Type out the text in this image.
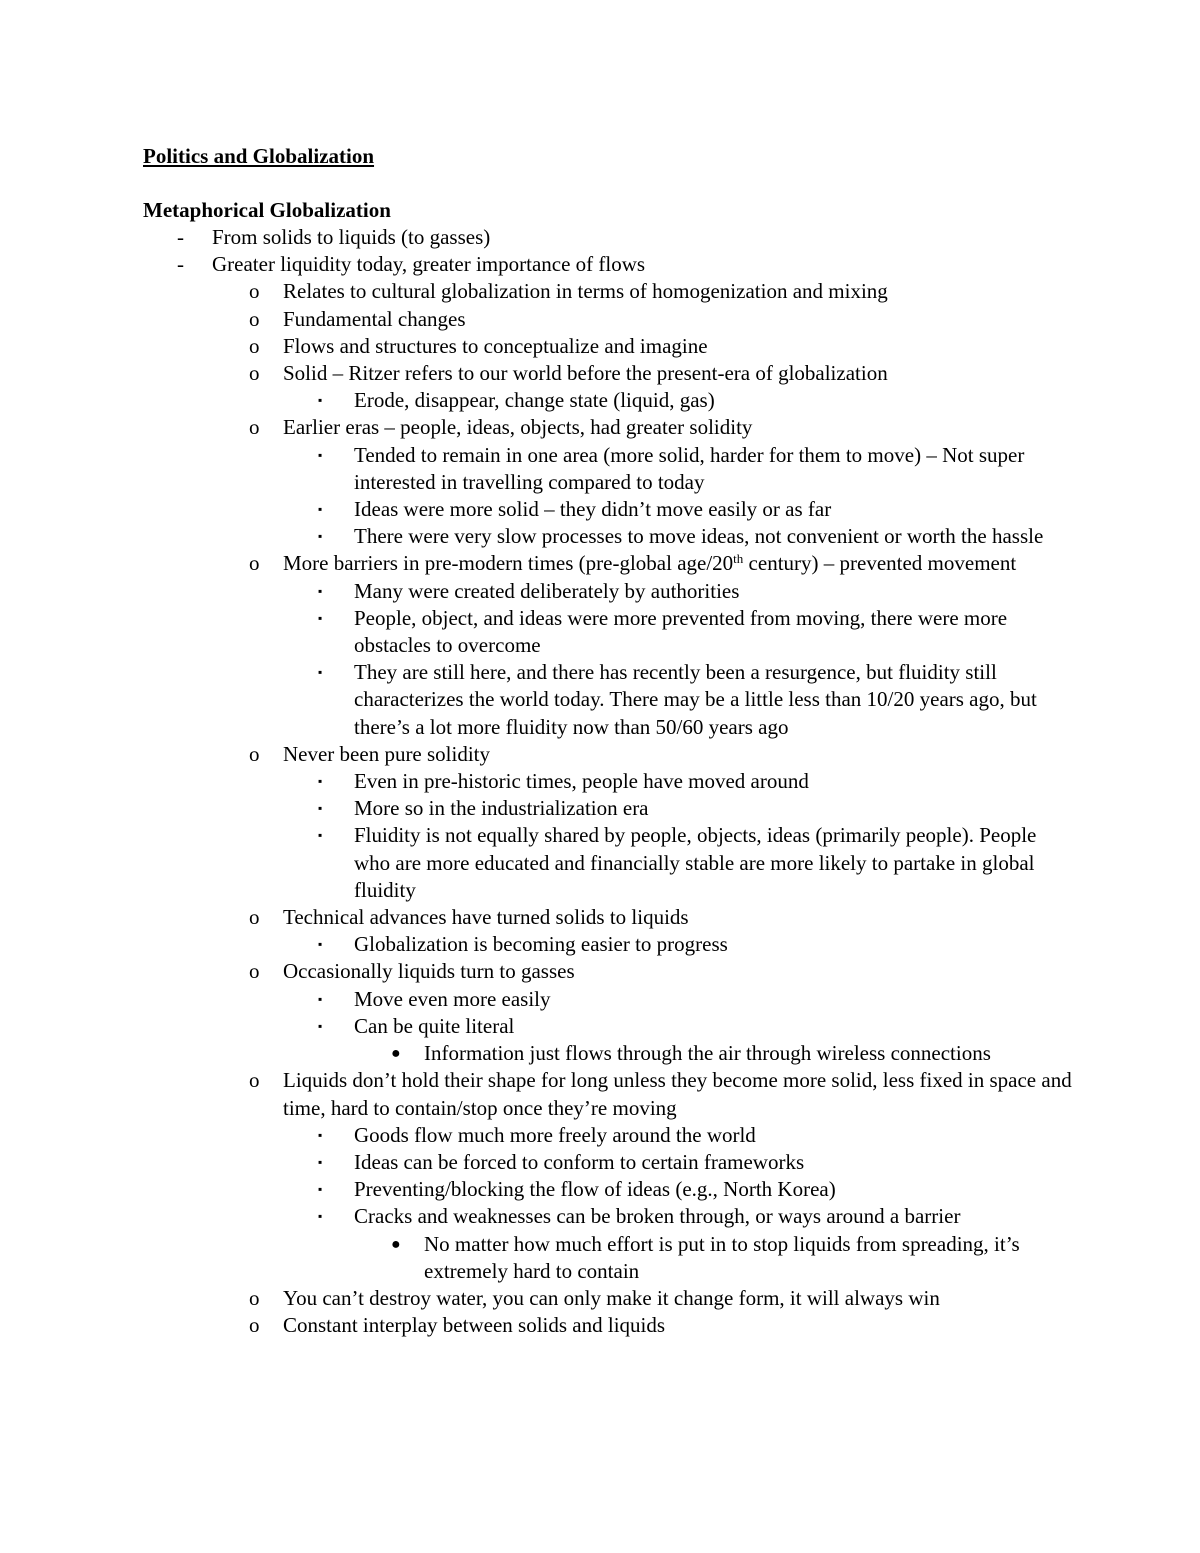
Politics and Globalization
Metaphorical Globalization
- From solids to liquids (to gasses)
- Greater liquidity today, greater importance of flows
o Relates to cultural globalization in terms of homogenization and mixing
o Fundamental changes
o Flows and structures to conceptualize and imagine
o Solid – Ritzer refers to our world before the present-era of globalization
▪ Erode, disappear, change state (liquid, gas)
o Earlier eras – people, ideas, objects, had greater solidity
▪ Tended to remain in one area (more solid, harder for them to move) – Not super interested in travelling compared to today
▪ Ideas were more solid – they didn’t move easily or as far
▪ There were very slow processes to move ideas, not convenient or worth the hassle
o More barriers in pre-modern times (pre-global age/20th century) – prevented movement
▪ Many were created deliberately by authorities
▪ People, object, and ideas were more prevented from moving, there were more obstacles to overcome
▪ They are still here, and there has recently been a resurgence, but fluidity still characterizes the world today. There may be a little less than 10/20 years ago, but there’s a lot more fluidity now than 50/60 years ago
o Never been pure solidity
▪ Even in pre-historic times, people have moved around
▪ More so in the industrialization era
▪ Fluidity is not equally shared by people, objects, ideas (primarily people). People who are more educated and financially stable are more likely to partake in global fluidity
o Technical advances have turned solids to liquids
▪ Globalization is becoming easier to progress
o Occasionally liquids turn to gasses
▪ Move even more easily
▪ Can be quite literal
● Information just flows through the air through wireless connections
o Liquids don’t hold their shape for long unless they become more solid, less fixed in space and time, hard to contain/stop once they’re moving
▪ Goods flow much more freely around the world
▪ Ideas can be forced to conform to certain frameworks
▪ Preventing/blocking the flow of ideas (e.g., North Korea)
▪ Cracks and weaknesses can be broken through, or ways around a barrier
● No matter how much effort is put in to stop liquids from spreading, it’s extremely hard to contain
o You can’t destroy water, you can only make it change form, it will always win
o Constant interplay between solids and liquids
